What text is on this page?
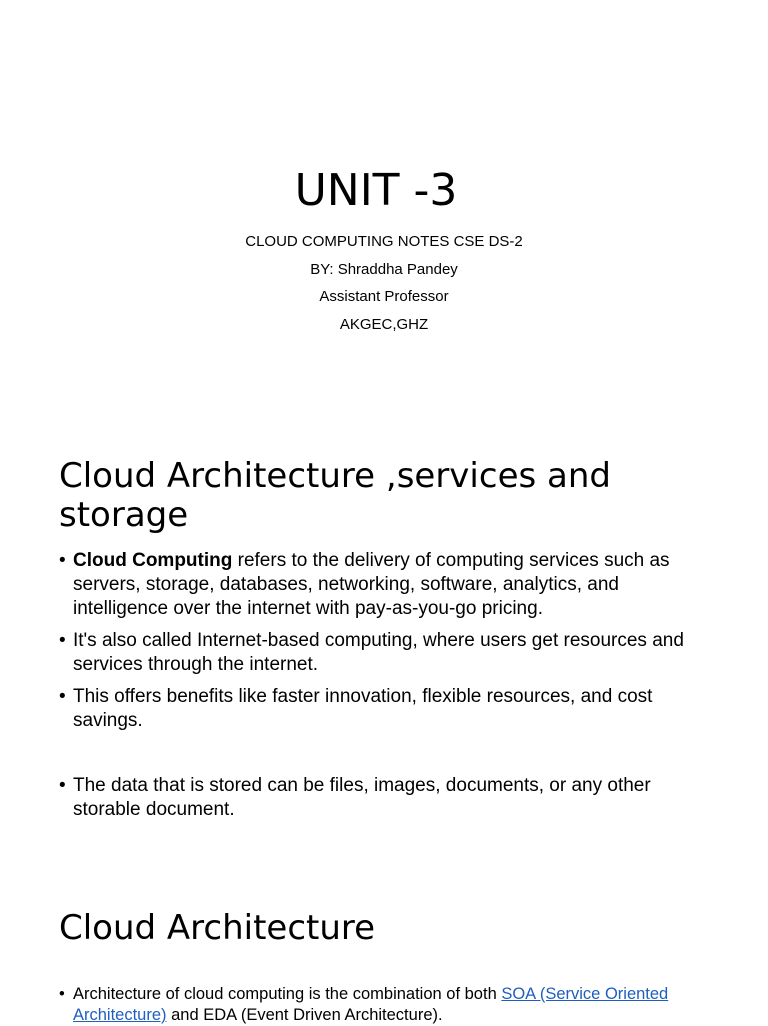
UNIT -3
CLOUD COMPUTING NOTES CSE DS-2
BY: Shraddha Pandey
Assistant Professor
AKGEC,GHZ
Cloud Architecture ,services and storage
• Cloud Computing refers to the delivery of computing services such as servers, storage, databases, networking, software, analytics, and intelligence over the internet with pay-as-you-go pricing.
• It's also called Internet-based computing, where users get resources and services through the internet.
• This offers benefits like faster innovation, flexible resources, and cost savings.
• The data that is stored can be files, images, documents, or any other storable document.
Cloud Architecture
• Architecture of cloud computing is the combination of both SOA (Service Oriented Architecture) and EDA (Event Driven Architecture).
